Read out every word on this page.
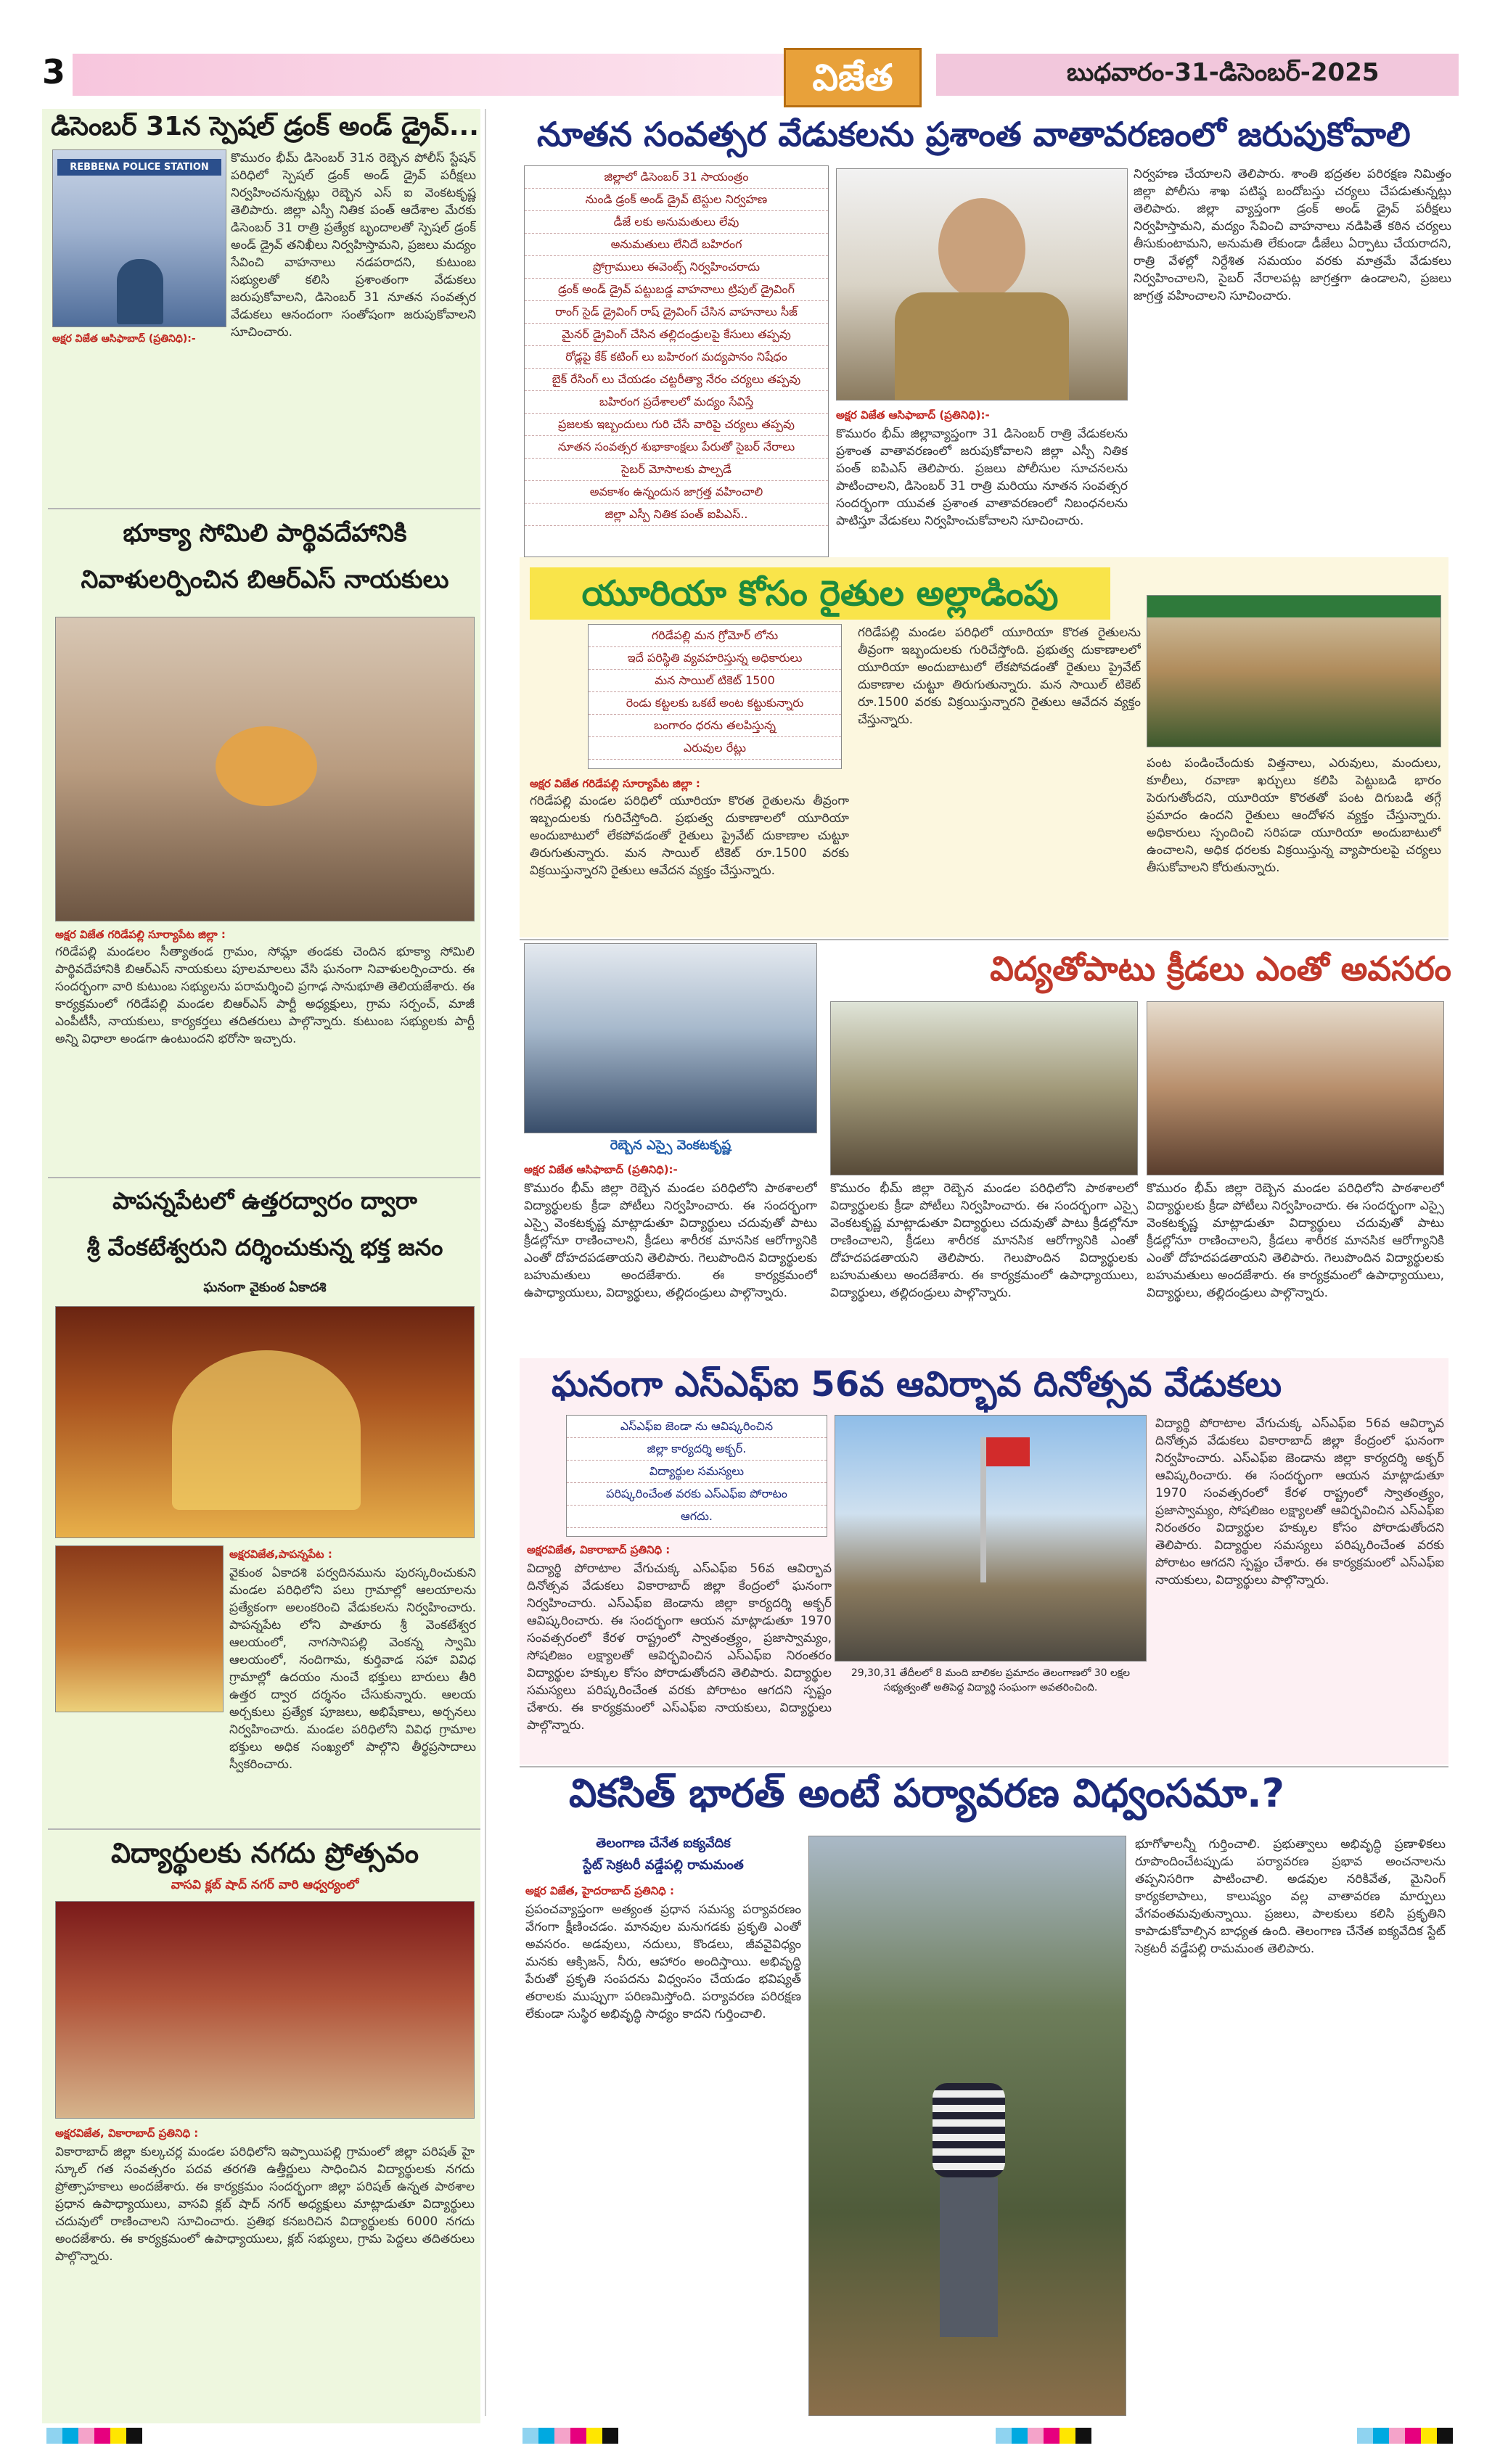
3	విజేత	బుధవారం-31-డిసెంబర్-2025
డిసెంబర్ 31న స్పెషల్ డ్రంక్ అండ్ డ్రైవ్...
REBBENA POLICE STATION
అక్షర విజేత ఆసిఫాబాద్ (ప్రతినిధి):-
కొమురం భీమ్ డిసెంబర్ 31న రెబ్బెన పోలీస్ స్టేషన్ పరిధిలో స్పెషల్ డ్రంక్ అండ్ డ్రైవ్ పరీక్షలు నిర్వహించనున్నట్లు రెబ్బెన ఎస్ ఐ వెంకటకృష్ణ తెలిపారు. జిల్లా ఎస్పీ నితిక పంత్ ఆదేశాల మేరకు డిసెంబర్ 31 రాత్రి ప్రత్యేక బృందాలతో స్పెషల్ డ్రంక్ అండ్ డ్రైవ్ తనిఖీలు నిర్వహిస్తామని, ప్రజలు మద్యం సేవించి వాహనాలు నడపరాదని, కుటుంబ సభ్యులతో కలిసి ప్రశాంతంగా వేడుకలు జరుపుకోవాలని, డిసెంబర్ 31 నూతన సంవత్సర వేడుకలు ఆనందంగా సంతోషంగా జరుపుకోవాలని సూచించారు.
భూక్యా సోమిలి పార్థివదేహానికి
నివాళులర్పించిన బిఆర్ఎస్ నాయకులు
అక్షర విజేత గరిడేపల్లి సూర్యాపేట జిల్లా :
గరిడేపల్లి మండలం సీత్యాతండ గ్రామం, సోమ్లా తండకు చెందిన భూక్యా సోమిలి పార్థివదేహానికి బిఆర్ఎస్ నాయకులు పూలమాలలు వేసి ఘనంగా నివాళులర్పించారు. ఈ సందర్భంగా వారి కుటుంబ సభ్యులను పరామర్శించి ప్రగాఢ సానుభూతి తెలియజేశారు. ఈ కార్యక్రమంలో గరిడేపల్లి మండల బిఆర్ఎస్ పార్టీ అధ్యక్షులు, గ్రామ సర్పంచ్, మాజీ ఎంపీటీసీ, నాయకులు, కార్యకర్తలు తదితరులు పాల్గొన్నారు. కుటుంబ సభ్యులకు పార్టీ అన్ని విధాలా అండగా ఉంటుందని భరోసా ఇచ్చారు.
పాపన్నపేటలో ఉత్తరద్వారం ద్వారా
శ్రీ వేంకటేశ్వరుని దర్శించుకున్న భక్త జనం
ఘనంగా వైకుంఠ ఏకాదశి
అక్షరవిజేత,పాపన్నపేట :
వైకుంఠ ఏకాదశి పర్వదినమును పురస్కరించుకుని మండల పరిధిలోని పలు గ్రామాల్లో ఆలయాలను ప్రత్యేకంగా అలంకరించి వేడుకలను నిర్వహించారు. పాపన్నపేట లోని పాతూరు శ్రీ వెంకటేశ్వర ఆలయంలో, నాగసానిపల్లి వెంకన్న స్వామి ఆలయంలో, నందిగామ, కుర్తివాడ సహా వివిధ గ్రామాల్లో ఉదయం నుంచే భక్తులు బారులు తీరి ఉత్తర ద్వార దర్శనం చేసుకున్నారు. ఆలయ అర్చకులు ప్రత్యేక పూజలు, అభిషేకాలు, అర్చనలు నిర్వహించారు. మండల పరిధిలోని వివిధ గ్రామాల భక్తులు అధిక సంఖ్యలో పాల్గొని తీర్థప్రసాదాలు స్వీకరించారు.
విద్యార్థులకు నగదు ప్రోత్సవం
వాసవి క్లబ్ షాద్ నగర్ వారి ఆధ్వర్యంలో
అక్షరవిజేత, వికారాబాద్ ప్రతినిధి :
వికారాబాద్ జిల్లా కుల్కచర్ల మండల పరిధిలోని ఇప్పాయిపల్లి గ్రామంలో జిల్లా పరిషత్ హై స్కూల్ గత సంవత్సరం పదవ తరగతి ఉత్తీర్ణులు సాధించిన విద్యార్థులకు నగదు ప్రోత్సాహకాలు అందజేశారు. ఈ కార్యక్రమం సందర్భంగా జిల్లా పరిషత్ ఉన్నత పాఠశాల ప్రధాన ఉపాధ్యాయులు, వాసవి క్లబ్ షాద్ నగర్ అధ్యక్షులు మాట్లాడుతూ విద్యార్థులు చదువులో రాణించాలని సూచించారు. ప్రతిభ కనబరిచిన విద్యార్థులకు 6000 నగదు అందజేశారు. ఈ కార్యక్రమంలో ఉపాధ్యాయులు, క్లబ్ సభ్యులు, గ్రామ పెద్దలు తదితరులు పాల్గొన్నారు.
నూతన సంవత్సర వేడుకలను ప్రశాంత వాతావరణంలో జరుపుకోవాలి
జిల్లాలో డిసెంబర్ 31 సాయంత్రం
నుండి డ్రంక్ అండ్ డ్రైవ్ టెస్టుల నిర్వహణ
డీజే లకు అనుమతులు లేవు
అనుమతులు లేనిదే బహిరంగ
ప్రోగ్రాములు ఈవెంట్స్ నిర్వహించరాదు
డ్రంక్ అండ్ డ్రైవ్ పట్టుబడ్డ వాహనాలు ట్రిపుల్ డ్రైవింగ్
రాంగ్ సైడ్ డ్రైవింగ్ రాష్ డ్రైవింగ్ చేసిన వాహనాలు సీజ్
మైనర్ డ్రైవింగ్ చేసిన తల్లిదండ్రులపై కేసులు తప్పవు
రోడ్లపై కేక్ కటింగ్ లు బహిరంగ మద్యపానం నిషేధం
బైక్ రేసింగ్ లు చేయడం చట్టరీత్యా నేరం చర్యలు తప్పవు
బహిరంగ ప్రదేశాలలో మద్యం సేవిస్తే
ప్రజలకు ఇబ్బందులు గురి చేసే వారిపై చర్యలు తప్పవు
నూతన సంవత్సర శుభాకాంక్షలు పేరుతో సైబర్ నేరాలు
సైబర్ మోసాలకు పాల్పడే
అవకాశం ఉన్నందున జాగ్రత్త వహించాలి
జిల్లా ఎస్పీ నితిక పంత్ ఐపిఎస్..
అక్షర విజేత ఆసిఫాబాద్ (ప్రతినిధి):-
కొమురం భీమ్ జిల్లావ్యాప్తంగా 31 డిసెంబర్ రాత్రి వేడుకలను ప్రశాంత వాతావరణంలో జరుపుకోవాలని జిల్లా ఎస్పీ నితిక పంత్ ఐపిఎస్ తెలిపారు. ప్రజలు పోలీసుల సూచనలను పాటించాలని, డిసెంబర్ 31 రాత్రి మరియు నూతన సంవత్సర సందర్భంగా యువత ప్రశాంత వాతావరణంలో నిబంధనలను పాటిస్తూ వేడుకలు నిర్వహించుకోవాలని సూచించారు.
నిర్వహణ చేయాలని తెలిపారు. శాంతి భద్రతల పరిరక్షణ నిమిత్తం జిల్లా పోలీసు శాఖ పటిష్ఠ బందోబస్తు చర్యలు చేపడుతున్నట్లు తెలిపారు. జిల్లా వ్యాప్తంగా డ్రంక్ అండ్ డ్రైవ్ పరీక్షలు నిర్వహిస్తామని, మద్యం సేవించి వాహనాలు నడిపితే కఠిన చర్యలు తీసుకుంటామని, అనుమతి లేకుండా డీజేలు ఏర్పాటు చేయరాదని, రాత్రి వేళల్లో నిర్దేశిత సమయం వరకు మాత్రమే వేడుకలు నిర్వహించాలని, సైబర్ నేరాలపట్ల జాగ్రత్తగా ఉండాలని, ప్రజలు జాగ్రత్త వహించాలని సూచించారు.
యూరియా కోసం రైతుల అల్లాడింపు
గరిడేపల్లి మన గ్రోమోర్ లోను
ఇదే పరిస్థితి వ్యవహరిస్తున్న అధికారులు
మన సాయిల్ టికెట్ 1500
రెండు కట్టలకు ఒకటే అంట కట్టుకున్నారు
బంగారం ధరను తలపిస్తున్న
ఎరువుల రేట్లు
అక్షర విజేత గరిడేపల్లి సూర్యాపేట జిల్లా :
గరిడేపల్లి మండల పరిధిలో యూరియా కొరత రైతులను తీవ్రంగా ఇబ్బందులకు గురిచేస్తోంది. ప్రభుత్వ దుకాణాలలో యూరియా అందుబాటులో లేకపోవడంతో రైతులు ప్రైవేట్ దుకాణాల చుట్టూ తిరుగుతున్నారు. మన సాయిల్ టికెట్ రూ.1500 వరకు విక్రయిస్తున్నారని రైతులు ఆవేదన వ్యక్తం చేస్తున్నారు.
గరిడేపల్లి మండల పరిధిలో యూరియా కొరత రైతులను తీవ్రంగా ఇబ్బందులకు గురిచేస్తోంది. ప్రభుత్వ దుకాణాలలో యూరియా అందుబాటులో లేకపోవడంతో రైతులు ప్రైవేట్ దుకాణాల చుట్టూ తిరుగుతున్నారు. మన సాయిల్ టికెట్ రూ.1500 వరకు విక్రయిస్తున్నారని రైతులు ఆవేదన వ్యక్తం చేస్తున్నారు.
పంట పండించేందుకు విత్తనాలు, ఎరువులు, మందులు, కూలీలు, రవాణా ఖర్చులు కలిపి పెట్టుబడి భారం పెరుగుతోందని, యూరియా కొరతతో పంట దిగుబడి తగ్గే ప్రమాదం ఉందని రైతులు ఆందోళన వ్యక్తం చేస్తున్నారు. అధికారులు స్పందించి సరిపడా యూరియా అందుబాటులో ఉంచాలని, అధిక ధరలకు విక్రయిస్తున్న వ్యాపారులపై చర్యలు తీసుకోవాలని కోరుతున్నారు.
రెబ్బెన ఎస్సై వెంకటకృష్ణ
విద్యతోపాటు క్రీడలు ఎంతో అవసరం
అక్షర విజేత ఆసిఫాబాద్ (ప్రతినిధి):-
కొమురం భీమ్ జిల్లా రెబ్బెన మండల పరిధిలోని పాఠశాలలో విద్యార్థులకు క్రీడా పోటీలు నిర్వహించారు. ఈ సందర్భంగా ఎస్సై వెంకటకృష్ణ మాట్లాడుతూ విద్యార్థులు చదువుతో పాటు క్రీడల్లోనూ రాణించాలని, క్రీడలు శారీరక మానసిక ఆరోగ్యానికి ఎంతో దోహదపడతాయని తెలిపారు. గెలుపొందిన విద్యార్థులకు బహుమతులు అందజేశారు. ఈ కార్యక్రమంలో ఉపాధ్యాయులు, విద్యార్థులు, తల్లిదండ్రులు పాల్గొన్నారు.
కొమురం భీమ్ జిల్లా రెబ్బెన మండల పరిధిలోని పాఠశాలలో విద్యార్థులకు క్రీడా పోటీలు నిర్వహించారు. ఈ సందర్భంగా ఎస్సై వెంకటకృష్ణ మాట్లాడుతూ విద్యార్థులు చదువుతో పాటు క్రీడల్లోనూ రాణించాలని, క్రీడలు శారీరక మానసిక ఆరోగ్యానికి ఎంతో దోహదపడతాయని తెలిపారు. గెలుపొందిన విద్యార్థులకు బహుమతులు అందజేశారు. ఈ కార్యక్రమంలో ఉపాధ్యాయులు, విద్యార్థులు, తల్లిదండ్రులు పాల్గొన్నారు.
కొమురం భీమ్ జిల్లా రెబ్బెన మండల పరిధిలోని పాఠశాలలో విద్యార్థులకు క్రీడా పోటీలు నిర్వహించారు. ఈ సందర్భంగా ఎస్సై వెంకటకృష్ణ మాట్లాడుతూ విద్యార్థులు చదువుతో పాటు క్రీడల్లోనూ రాణించాలని, క్రీడలు శారీరక మానసిక ఆరోగ్యానికి ఎంతో దోహదపడతాయని తెలిపారు. గెలుపొందిన విద్యార్థులకు బహుమతులు అందజేశారు. ఈ కార్యక్రమంలో ఉపాధ్యాయులు, విద్యార్థులు, తల్లిదండ్రులు పాల్గొన్నారు.
ఘనంగా ఎస్ఎఫ్ఐ 56వ ఆవిర్భావ దినోత్సవ వేడుకలు
ఎస్ఎఫ్ఐ జెండా ను ఆవిష్కరించిన
జిల్లా కార్యదర్శి అక్బర్.
విద్యార్థుల సమస్యలు
పరిష్కరించేంత వరకు ఎస్ఎఫ్ఐ పోరాటం
ఆగదు.
అక్షరవిజేత, వికారాబాద్ ప్రతినిధి :
విద్యార్థి పోరాటాల వేగుచుక్క ఎస్ఎఫ్ఐ 56వ ఆవిర్భావ దినోత్సవ వేడుకలు వికారాబాద్ జిల్లా కేంద్రంలో ఘనంగా నిర్వహించారు. ఎస్ఎఫ్ఐ జెండాను జిల్లా కార్యదర్శి అక్బర్ ఆవిష్కరించారు. ఈ సందర్భంగా ఆయన మాట్లాడుతూ 1970 సంవత్సరంలో కేరళ రాష్ట్రంలో స్వాతంత్ర్యం, ప్రజాస్వామ్యం, సోషలిజం లక్ష్యాలతో ఆవిర్భవించిన ఎస్ఎఫ్ఐ నిరంతరం విద్యార్థుల హక్కుల కోసం పోరాడుతోందని తెలిపారు. విద్యార్థుల సమస్యలు పరిష్కరించేంత వరకు పోరాటం ఆగదని స్పష్టం చేశారు. ఈ కార్యక్రమంలో ఎస్ఎఫ్ఐ నాయకులు, విద్యార్థులు పాల్గొన్నారు.
29,30,31 తేదీలలో 8 మంది బాలికల ప్రమాదం తెలంగాణలో 30 లక్షల సభ్యత్వంతో అతిపెద్ద విద్యార్థి సంఘంగా అవతరించింది.
విద్యార్థి పోరాటాల వేగుచుక్క ఎస్ఎఫ్ఐ 56వ ఆవిర్భావ దినోత్సవ వేడుకలు వికారాబాద్ జిల్లా కేంద్రంలో ఘనంగా నిర్వహించారు. ఎస్ఎఫ్ఐ జెండాను జిల్లా కార్యదర్శి అక్బర్ ఆవిష్కరించారు. ఈ సందర్భంగా ఆయన మాట్లాడుతూ 1970 సంవత్సరంలో కేరళ రాష్ట్రంలో స్వాతంత్ర్యం, ప్రజాస్వామ్యం, సోషలిజం లక్ష్యాలతో ఆవిర్భవించిన ఎస్ఎఫ్ఐ నిరంతరం విద్యార్థుల హక్కుల కోసం పోరాడుతోందని తెలిపారు. విద్యార్థుల సమస్యలు పరిష్కరించేంత వరకు పోరాటం ఆగదని స్పష్టం చేశారు. ఈ కార్యక్రమంలో ఎస్ఎఫ్ఐ నాయకులు, విద్యార్థులు పాల్గొన్నారు.
వికసిత్ భారత్ అంటే పర్యావరణ విధ్వంసమా.?
తెలంగాణ చేనేత ఐక్యవేదిక
స్టేట్ సెక్రటరీ వడ్డేపల్లి రామమంత
అక్షర విజేత, హైదరాబాద్ ప్రతినిధి :
ప్రపంచవ్యాప్తంగా అత్యంత ప్రధాన సమస్య పర్యావరణం వేగంగా క్షీణించడం. మానవుల మనుగడకు ప్రకృతి ఎంతో అవసరం. అడవులు, నదులు, కొండలు, జీవవైవిధ్యం మనకు ఆక్సిజన్, నీరు, ఆహారం అందిస్తాయి. అభివృద్ధి పేరుతో ప్రకృతి సంపదను విధ్వంసం చేయడం భవిష్యత్ తరాలకు ముప్పుగా పరిణమిస్తోంది. పర్యావరణ పరిరక్షణ లేకుండా సుస్థిర అభివృద్ధి సాధ్యం కాదని గుర్తించాలి.
భూగోళాలన్నీ గుర్తించాలి. ప్రభుత్వాలు అభివృద్ధి ప్రణాళికలు రూపొందించేటప్పుడు పర్యావరణ ప్రభావ అంచనాలను తప్పనిసరిగా పాటించాలి. అడవుల నరికివేత, మైనింగ్ కార్యకలాపాలు, కాలుష్యం వల్ల వాతావరణ మార్పులు వేగవంతమవుతున్నాయి. ప్రజలు, పాలకులు కలిసి ప్రకృతిని కాపాడుకోవాల్సిన బాధ్యత ఉంది. తెలంగాణ చేనేత ఐక్యవేదిక స్టేట్ సెక్రటరీ వడ్డేపల్లి రామమంత తెలిపారు.
